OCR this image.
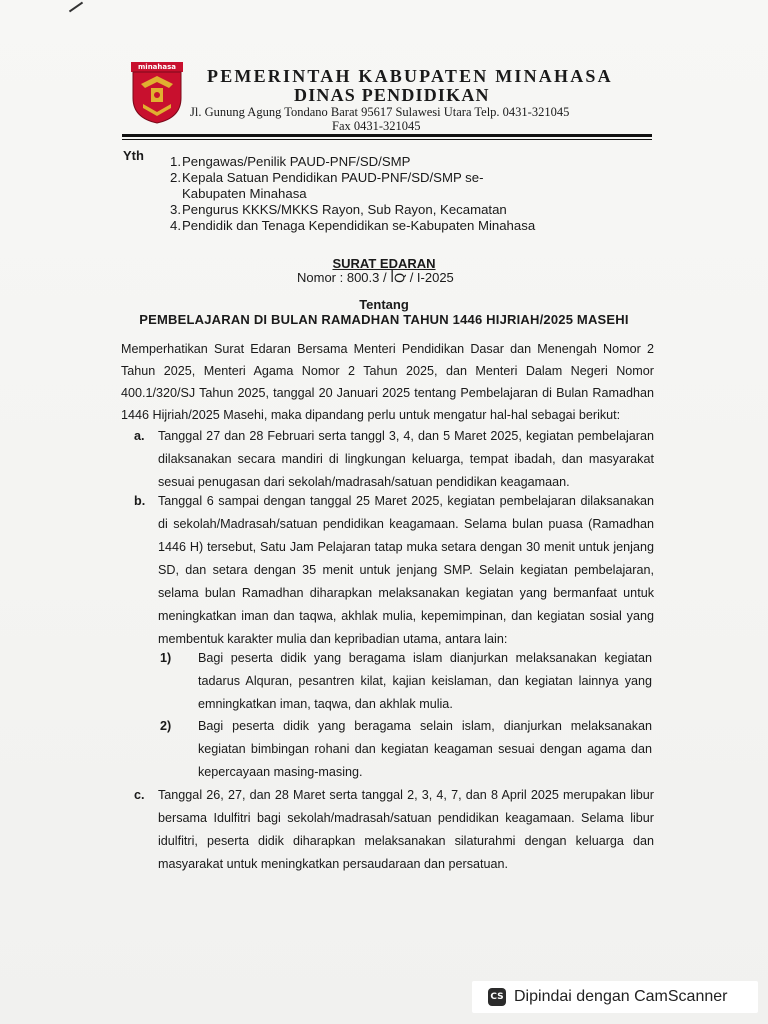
minahasa PEMERINTAH KABUPATEN MINAHASA
DINAS PENDIDIKAN
Jl. Gunung Agung Tondano Barat 95617 Sulawesi Utara Telp. 0431-321045
Fax 0431-321045
Yth 1. Pengawas/Penilik PAUD-PNF/SD/SMP
2. Kepala Satuan Pendidikan PAUD-PNF/SD/SMP se-Kabupaten Minahasa
3. Pengurus KKKS/MKKS Rayon, Sub Rayon, Kecamatan
4. Pendidik dan Tenaga Kependidikan se-Kabupaten Minahasa
SURAT EDARAN
Nomor : 800.3 / ꟾ℺ / I-2025
Tentang
PEMBELAJARAN DI BULAN RAMADHAN TAHUN 1446 HIJRIAH/2025 MASEHI
Memperhatikan Surat Edaran Bersama Menteri Pendidikan Dasar dan Menengah Nomor 2 Tahun 2025, Menteri Agama Nomor 2 Tahun 2025, dan Menteri Dalam Negeri Nomor 400.1/320/SJ Tahun 2025, tanggal 20 Januari 2025 tentang Pembelajaran di Bulan Ramadhan 1446 Hijriah/2025 Masehi, maka dipandang perlu untuk mengatur hal-hal sebagai berikut:
a. Tanggal 27 dan 28 Februari serta tanggl 3, 4, dan 5 Maret 2025, kegiatan pembelajaran dilaksanakan secara mandiri di lingkungan keluarga, tempat ibadah, dan masyarakat sesuai penugasan dari sekolah/madrasah/satuan pendidikan keagamaan.
b. Tanggal 6 sampai dengan tanggal 25 Maret 2025, kegiatan pembelajaran dilaksanakan di sekolah/Madrasah/satuan pendidikan keagamaan. Selama bulan puasa (Ramadhan 1446 H) tersebut, Satu Jam Pelajaran tatap muka setara dengan 30 menit untuk jenjang SD, dan setara dengan 35 menit untuk jenjang SMP. Selain kegiatan pembelajaran, selama bulan Ramadhan diharapkan melaksanakan kegiatan yang bermanfaat untuk meningkatkan iman dan taqwa, akhlak mulia, kepemimpinan, dan kegiatan sosial yang membentuk karakter mulia dan kepribadian utama, antara lain:
1) Bagi peserta didik yang beragama islam dianjurkan melaksanakan kegiatan tadarus Alquran, pesantren kilat, kajian keislaman, dan kegiatan lainnya yang emningkatkan iman, taqwa, dan akhlak mulia.
2) Bagi peserta didik yang beragama selain islam, dianjurkan melaksanakan kegiatan bimbingan rohani dan kegiatan keagaman sesuai dengan agama dan kepercayaan masing-masing.
c. Tanggal 26, 27, dan 28 Maret serta tanggal 2, 3, 4, 7, dan 8 April 2025 merupakan libur bersama Idulfitri bagi sekolah/madrasah/satuan pendidikan keagamaan. Selama libur idulfitri, peserta didik diharapkan melaksanakan silaturahmi dengan keluarga dan masyarakat untuk meningkatkan persaudaraan dan persatuan.
CS Dipindai dengan CamScanner
